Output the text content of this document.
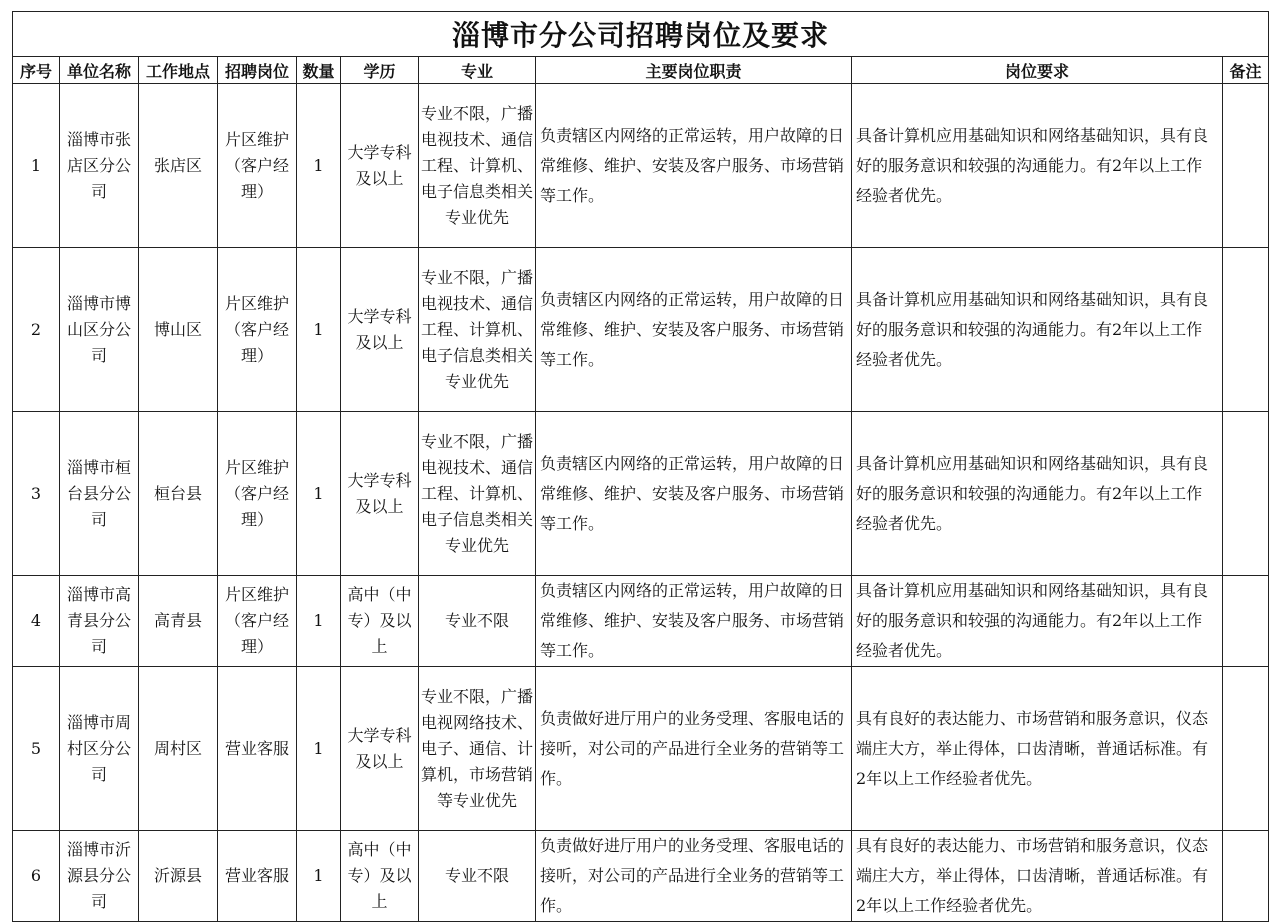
淄博市分公司招聘岗位及要求									
序号	单位名称	工作地点	招聘岗位	数量	学历	专业	主要岗位职责	岗位要求	备注
1	淄博市张店区分公司	张店区	片区维护（客户经理）	1	大学专科及以上	专业不限，广播电视技术、通信工程、计算机、电子信息类相关专业优先	负责辖区内网络的正常运转，用户故障的日常维修、维护、安装及客户服务、市场营销等工作。	具备计算机应用基础知识和网络基础知识，具有良好的服务意识和较强的沟通能力。有2年以上工作经验者优先。	
2	淄博市博山区分公司	博山区	片区维护（客户经理）	1	大学专科及以上	专业不限，广播电视技术、通信工程、计算机、电子信息类相关专业优先	负责辖区内网络的正常运转，用户故障的日常维修、维护、安装及客户服务、市场营销等工作。	具备计算机应用基础知识和网络基础知识，具有良好的服务意识和较强的沟通能力。有2年以上工作经验者优先。	
3	淄博市桓台县分公司	桓台县	片区维护（客户经理）	1	大学专科及以上	专业不限，广播电视技术、通信工程、计算机、电子信息类相关专业优先	负责辖区内网络的正常运转，用户故障的日常维修、维护、安装及客户服务、市场营销等工作。	具备计算机应用基础知识和网络基础知识，具有良好的服务意识和较强的沟通能力。有2年以上工作经验者优先。	
4	淄博市高青县分公司	高青县	片区维护（客户经理）	1	高中（中专）及以上	专业不限	负责辖区内网络的正常运转，用户故障的日常维修、维护、安装及客户服务、市场营销等工作。	具备计算机应用基础知识和网络基础知识，具有良好的服务意识和较强的沟通能力。有2年以上工作经验者优先。	
5	淄博市周村区分公司	周村区	营业客服	1	大学专科及以上	专业不限，广播电视网络技术、电子、通信、计算机，市场营销等专业优先	负责做好进厅用户的业务受理、客服电话的接听，对公司的产品进行全业务的营销等工作。	具有良好的表达能力、市场营销和服务意识，仪态端庄大方，举止得体，口齿清晰，普通话标准。有2年以上工作经验者优先。	
6	淄博市沂源县分公司	沂源县	营业客服	1	高中（中专）及以上	专业不限	负责做好进厅用户的业务受理、客服电话的接听，对公司的产品进行全业务的营销等工作。	具有良好的表达能力、市场营销和服务意识，仪态端庄大方，举止得体，口齿清晰，普通话标准。有2年以上工作经验者优先。	
